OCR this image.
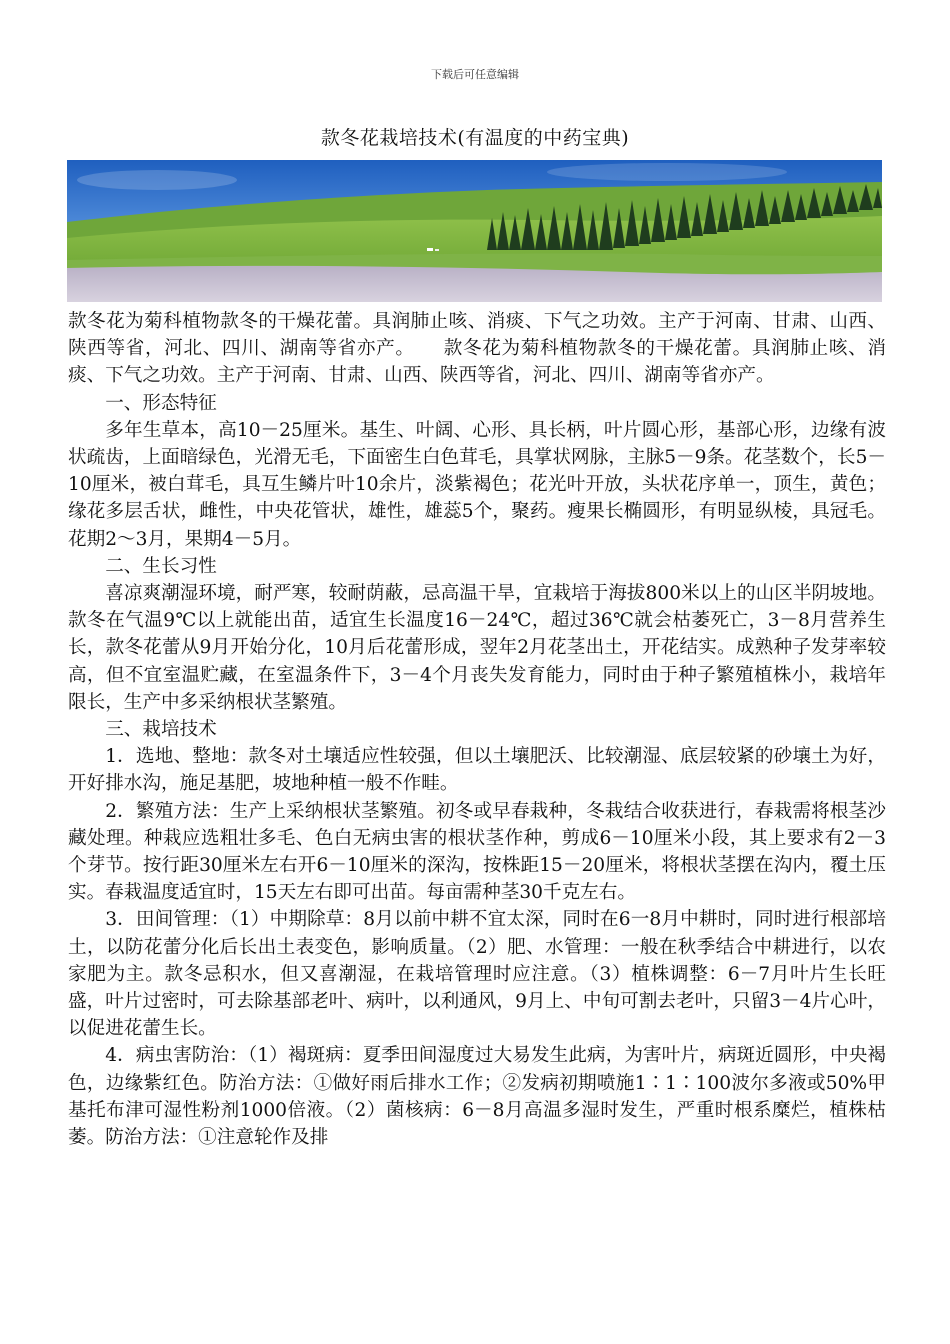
下载后可任意编辑
款冬花栽培技术(有温度的中药宝典)

款冬花为菊科植物款冬的干燥花蕾。具润肺止咳、消痰、下气之功效。主产于河南、甘肃、山西、陕西等省，河北、四川、湖南等省亦产。　　款冬花为菊科植物款冬的干燥花蕾。具润肺止咳、消痰、下气之功效。主产于河南、甘肃、山西、陕西等省，河北、四川、湖南等省亦产。

一、形态特征

多年生草本，高10－25厘米。基生、叶阔、心形、具长柄，叶片圆心形，基部心形，边缘有波状疏齿，上面暗绿色，光滑无毛，下面密生白色茸毛，具掌状网脉，主脉5－9条。花茎数个，长5－10厘米，被白茸毛，具互生鳞片叶10余片，淡紫褐色；花光叶开放，头状花序单一，顶生，黄色；缘花多层舌状，雌性，中央花管状，雄性，雄蕊5个，聚药。瘦果长椭圆形，有明显纵棱，具冠毛。花期2～3月，果期4－5月。

二、生长习性

喜凉爽潮湿环境，耐严寒，较耐荫蔽，忌高温干旱，宜栽培于海拔800米以上的山区半阴坡地。款冬在气温9℃以上就能出苗，适宜生长温度16－24℃，超过36℃就会枯萎死亡，3－8月营养生长，款冬花蕾从9月开始分化，10月后花蕾形成，翌年2月花茎出土，开花结实。成熟种子发芽率较高，但不宜室温贮藏，在室温条件下，3－4个月丧失发育能力，同时由于种子繁殖植株小，栽培年限长，生产中多采纳根状茎繁殖。

三、栽培技术

1．选地、整地：款冬对土壤适应性较强，但以土壤肥沃、比较潮湿、底层较紧的砂壤土为好，开好排水沟，施足基肥，坡地种植一般不作畦。

2．繁殖方法：生产上采纳根状茎繁殖。初冬或早春栽种，冬栽结合收获进行，春栽需将根茎沙藏处理。种栽应选粗壮多毛、色白无病虫害的根状茎作种，剪成6－10厘米小段，其上要求有2－3个芽节。按行距30厘米左右开6－10厘米的深沟，按株距15－20厘米，将根状茎摆在沟内，覆土压实。春栽温度适宜时，15天左右即可出苗。每亩需种茎30千克左右。

3．田间管理：（1）中期除草：8月以前中耕不宜太深，同时在6一8月中耕时，同时进行根部培土，以防花蕾分化后长出土表变色，影响质量。（2）肥、水管理：一般在秋季结合中耕进行，以农家肥为主。款冬忌积水，但又喜潮湿，在栽培管理时应注意。（3）植株调整：6－7月叶片生长旺盛，叶片过密时，可去除基部老叶、病叶，以利通风，9月上、中旬可割去老叶，只留3－4片心叶，以促进花蕾生长。

4．病虫害防治：（1）褐斑病：夏季田间湿度过大易发生此病，为害叶片，病斑近圆形，中央褐色，边缘紫红色。防治方法：①做好雨后排水工作；②发病初期喷施1∶1∶100波尔多液或50%甲基托布津可湿性粉剂1000倍液。（2）菌核病：6－8月高温多湿时发生，严重时根系糜烂，植株枯萎。防治方法：①注意轮作及排
